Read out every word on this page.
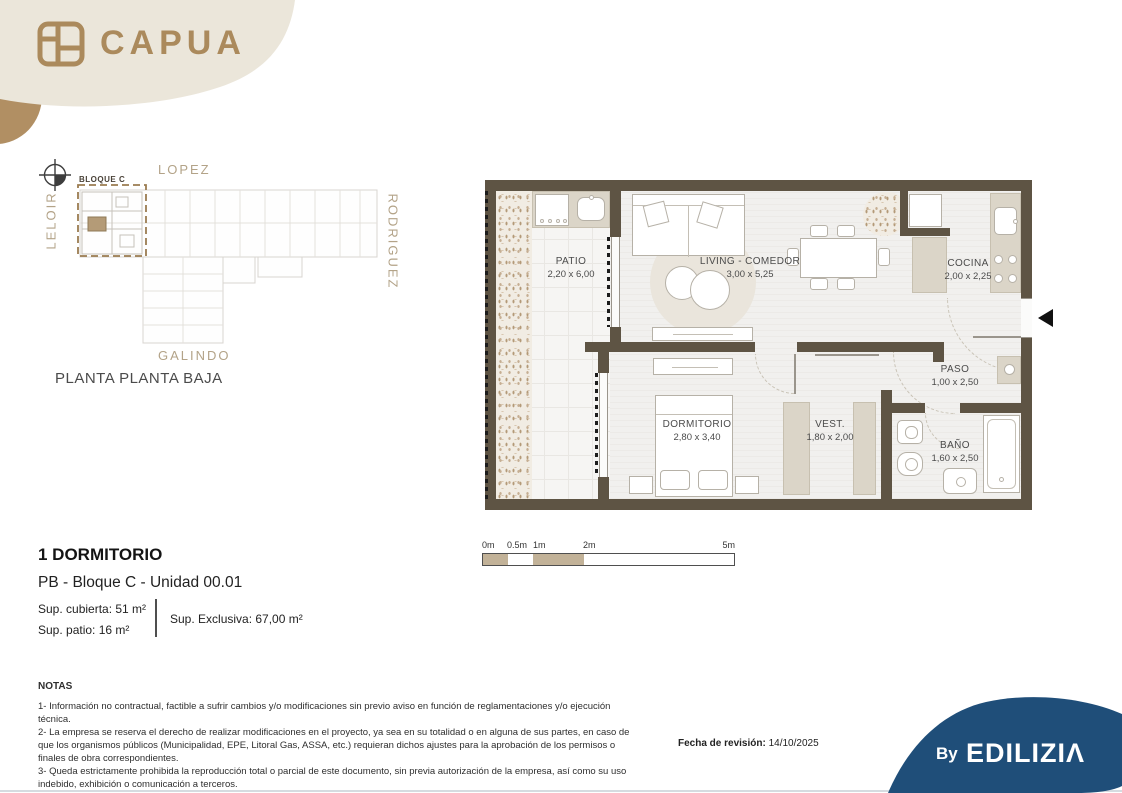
CAPUA
LOPEZ
LELOIR	RODRIGUEZ
GALINDO
BLOQUE C
PLANTA PLANTA BAJA
PATIO
2,20 x 6,00
LIVING - COMEDOR
3,00 x 5,25
COCINA
2,00 x 2,25
PASO
1,00 x 2,50
DORMITORIO
2,80 x 3,40
VEST.
1,80 x 2,00
BAÑO
1,60 x 2,50
0m 0.5m 1m	2m	5m
1 DORMITORIO
PB - Bloque C - Unidad 00.01
Sup. cubierta: 51 m²
Sup. patio: 16 m²
Sup. Exclusiva: 67,00 m²
NOTAS
1- Información no contractual, factible a sufrir cambios y/o modificaciones sin previo aviso en función de reglamentaciones y/o ejecución técnica.
2- La empresa se reserva el derecho de realizar modificaciones en el proyecto, ya sea en su totalidad o en alguna de sus partes, en caso de que los organismos públicos (Municipalidad, EPE, Litoral Gas, ASSA, etc.) requieran dichos ajustes para la aprobación de los permisos o finales de obra correspondientes.
3- Queda estrictamente prohibida la reproducción total o parcial de este documento, sin previa autorización de la empresa, así como su uso indebido, exhibición o comunicación a terceros.
Fecha de revisión: 14/10/2025
By EDILIZIΛ
